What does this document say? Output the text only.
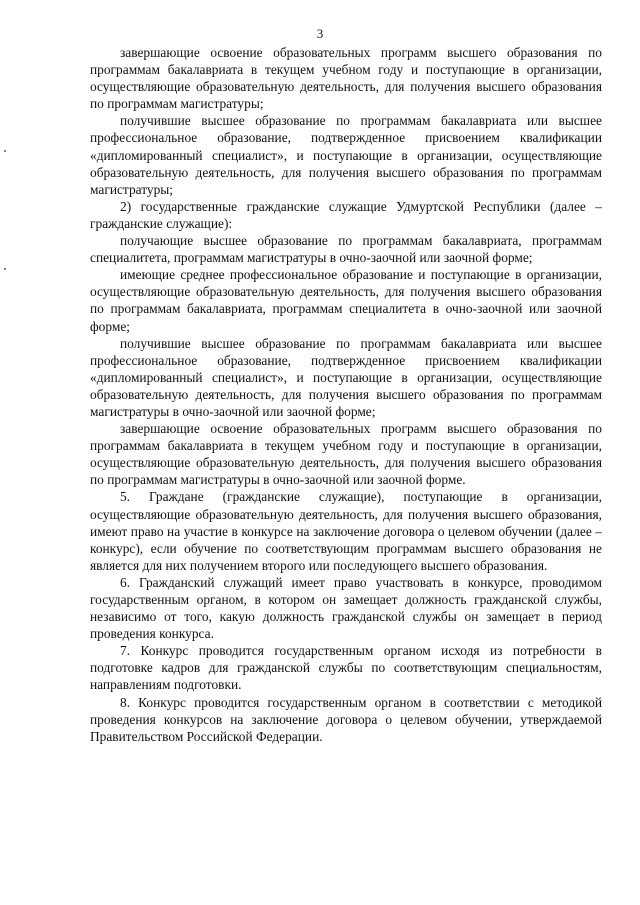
3

завершающие освоение образовательных программ высшего образования по программам бакалавриата в текущем учебном году и поступающие в организации, осуществляющие образовательную деятельность, для получения высшего образования по программам магистратуры;

получившие высшее образование по программам бакалавриата или высшее профессиональное образование, подтвержденное присвоением квалификации «дипломированный специалист», и поступающие в организации, осуществляющие образовательную деятельность, для получения высшего образования по программам магистратуры;

2) государственные гражданские служащие Удмуртской Республики (далее – гражданские служащие):

получающие высшее образование по программам бакалавриата, программам специалитета, программам магистратуры в очно-заочной или заочной форме;

имеющие среднее профессиональное образование и поступающие в организации, осуществляющие образовательную деятельность, для получения высшего образования по программам бакалавриата, программам специалитета в очно-заочной или заочной форме;

получившие высшее образование по программам бакалавриата или высшее профессиональное образование, подтвержденное присвоением квалификации «дипломированный специалист», и поступающие в организации, осуществляющие образовательную деятельность, для получения высшего образования по программам магистратуры в очно-заочной или заочной форме;

завершающие освоение образовательных программ высшего образования по программам бакалавриата в текущем учебном году и поступающие в организации, осуществляющие образовательную деятельность, для получения высшего образования по программам магистратуры в очно-заочной или заочной форме.

5. Граждане (гражданские служащие), поступающие в организации, осуществляющие образовательную деятельность, для получения высшего образования, имеют право на участие в конкурсе на заключение договора о целевом обучении (далее – конкурс), если обучение по соответствующим программам высшего образования не является для них получением второго или последующего высшего образования.

6. Гражданский служащий имеет право участвовать в конкурсе, проводимом государственным органом, в котором он замещает должность гражданской службы, независимо от того, какую должность гражданской службы он замещает в период проведения конкурса.

7. Конкурс проводится государственным органом исходя из потребности в подготовке кадров для гражданской службы по соответствующим специальностям, направлениям подготовки.

8. Конкурс проводится государственным органом в соответствии с методикой проведения конкурсов на заключение договора о целевом обучении, утверждаемой Правительством Российской Федерации.
